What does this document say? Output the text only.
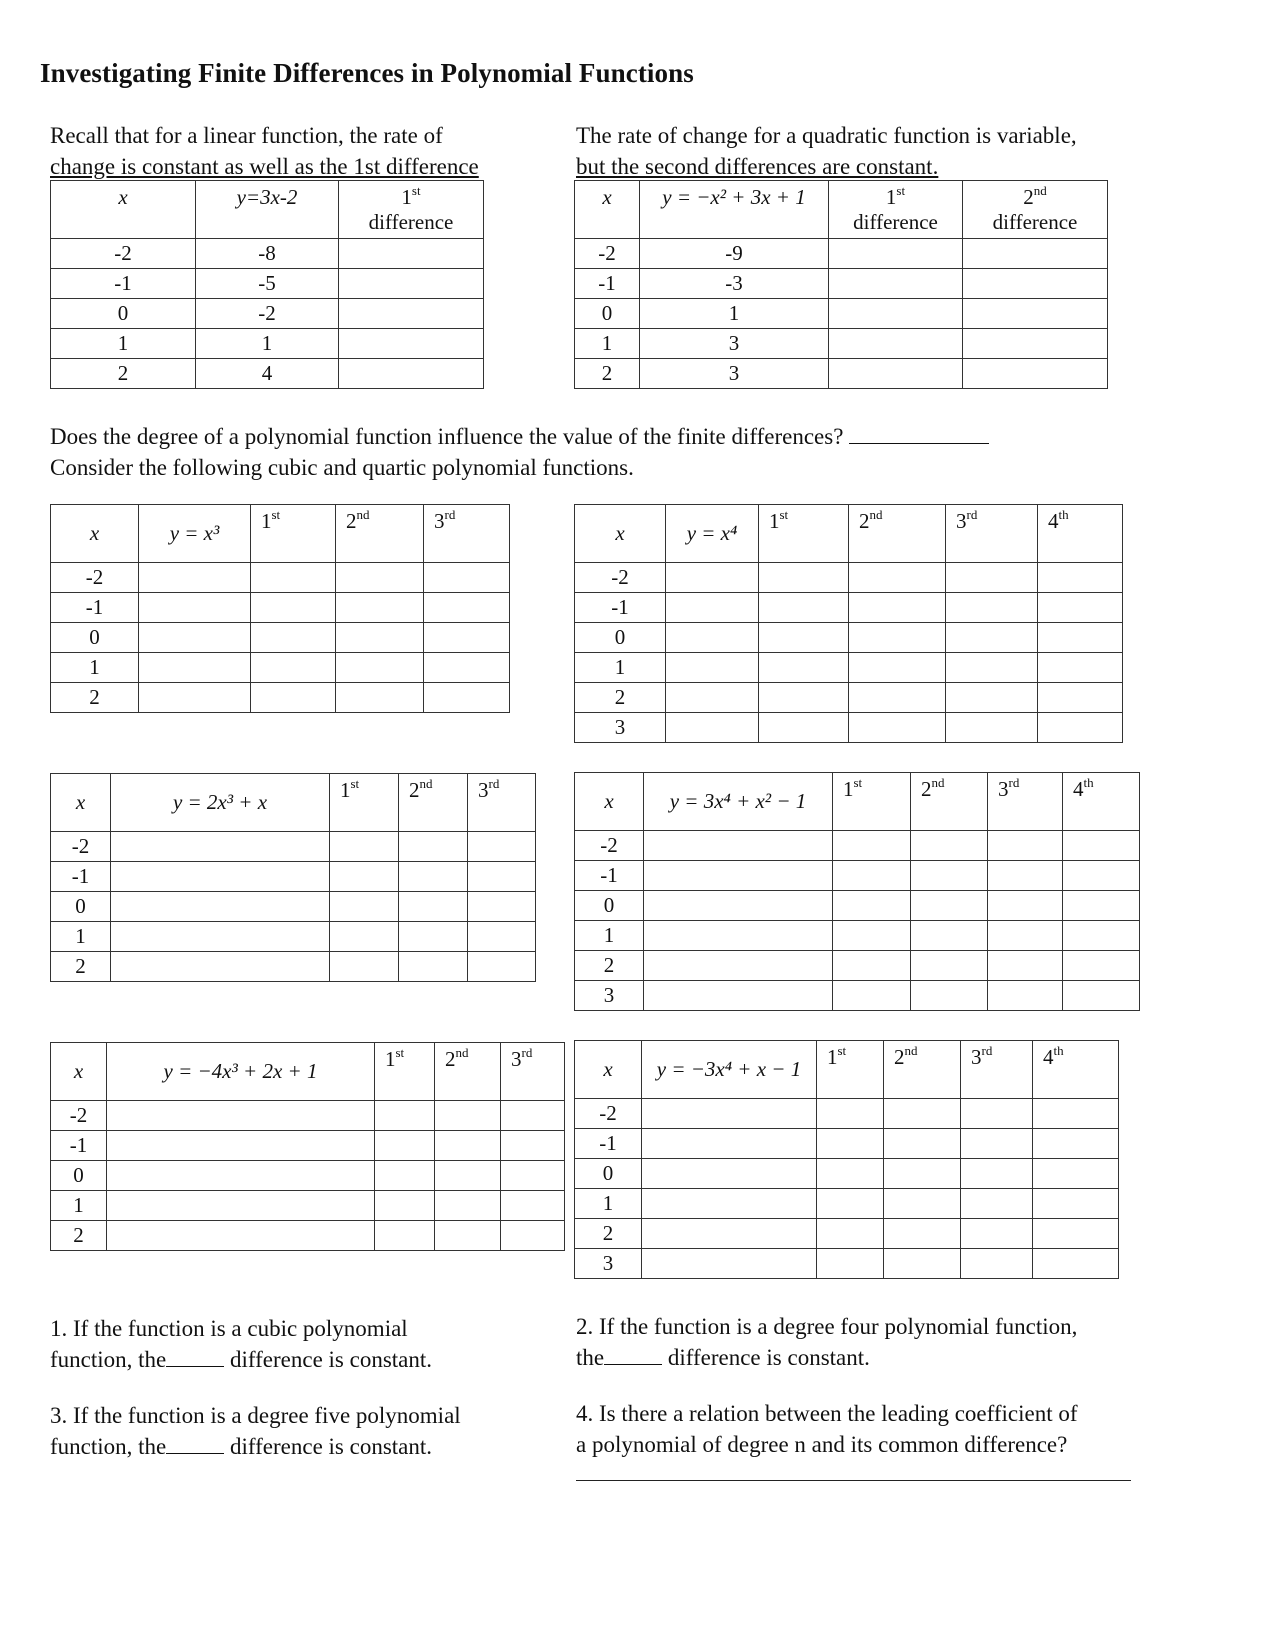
Investigating Finite Differences in Polynomial Functions

Recall that for a linear function, the rate of

change is constant as well as the 1st difference

The rate of change for a quadratic function is variable,

but the second differences are constant.

x	y=3x-2	1st
difference
-2	-8	
-1	-5	
0	-2	
1	1	
2	4	
x	y = −x² + 3x + 1	1st
difference	2nd
difference
-2	-9		
-1	-3		
0	1		
1	3		
2	3		

Does the degree of a polynomial function influence the value of the finite differences?

Consider the following cubic and quartic polynomial functions.

x	y = x³	1st	2nd	3rd
-2				
-1				
0				
1				
2				
x	y = x⁴	1st	2nd	3rd	4th
-2					
-1					
0					
1					
2					
3					
x	y = 2x³ + x	1st	2nd	3rd
-2				
-1				
0				
1				
2				
x	y = 3x⁴ + x² − 1	1st	2nd	3rd	4th
-2					
-1					
0					
1					
2					
3					
x	y = −4x³ + 2x + 1	1st	2nd	3rd
-2				
-1				
0				
1				
2				
x	y = −3x⁴ + x − 1	1st	2nd	3rd	4th
-2					
-1					
0					
1					
2					
3					

1. If the function is a cubic polynomial

function, the	difference is constant.

2. If the function is a degree four polynomial function,

the	difference is constant.

3. If the function is a degree five polynomial

function, the	difference is constant.

4. Is there a relation between the leading coefficient of

a polynomial of degree n and its common difference?
